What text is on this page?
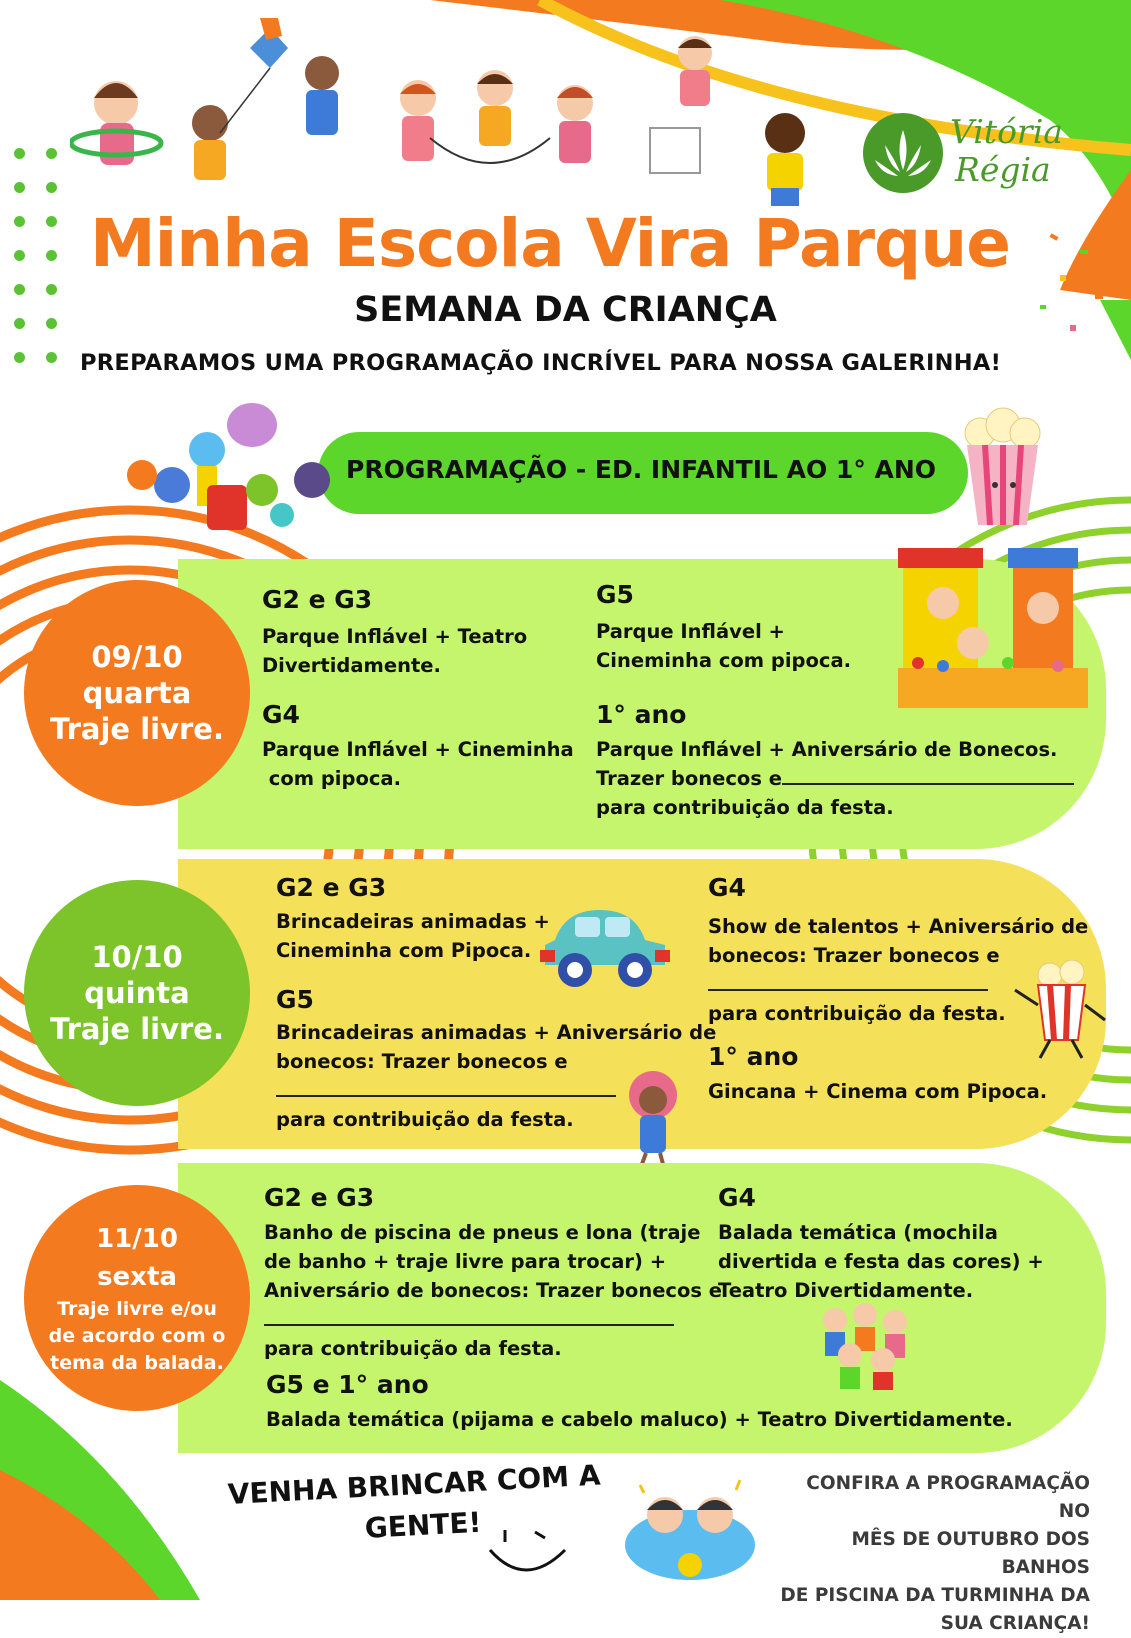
Vitória
Régia
Minha Escola Vira Parque
SEMANA DA CRIANÇA
PREPARAMOS UMA PROGRAMAÇÃO INCRÍVEL PARA NOSSA GALERINHA!
PROGRAMAÇÃO - ED. INFANTIL AO 1° ANO
09/10
quarta
Traje livre.
G2 e G3
Parque Inflável + Teatro
Divertidamente.
G4
Parque Inflável + Cineminha
com pipoca.
G5
Parque Inflável +
Cineminha com pipoca.
1° ano
Parque Inflável + Aniversário de Bonecos.
Trazer bonecos e
para contribuição da festa.
10/10
quinta
Traje livre.
G2 e G3
Brincadeiras animadas +
Cineminha com Pipoca.
G5
Brincadeiras animadas + Aniversário de
bonecos: Trazer bonecos e
para contribuição da festa.
G4
Show de talentos + Aniversário de
bonecos: Trazer bonecos e
para contribuição da festa.
1° ano
Gincana + Cinema com Pipoca.
11/10
sexta
Traje livre e/ou
de acordo com o
tema da balada.
G2 e G3
Banho de piscina de pneus e lona (traje
de banho + traje livre para trocar) +
Aniversário de bonecos: Trazer bonecos e
para contribuição da festa.
G4
Balada temática (mochila
divertida e festa das cores) +
Teatro Divertidamente.
G5 e 1° ano
Balada temática (pijama e cabelo maluco) + Teatro Divertidamente.
VENHA BRINCAR COM A
GENTE!
CONFIRA A PROGRAMAÇÃO NO
MÊS DE OUTUBRO DOS BANHOS
DE PISCINA DA TURMINHA DA
SUA CRIANÇA!
